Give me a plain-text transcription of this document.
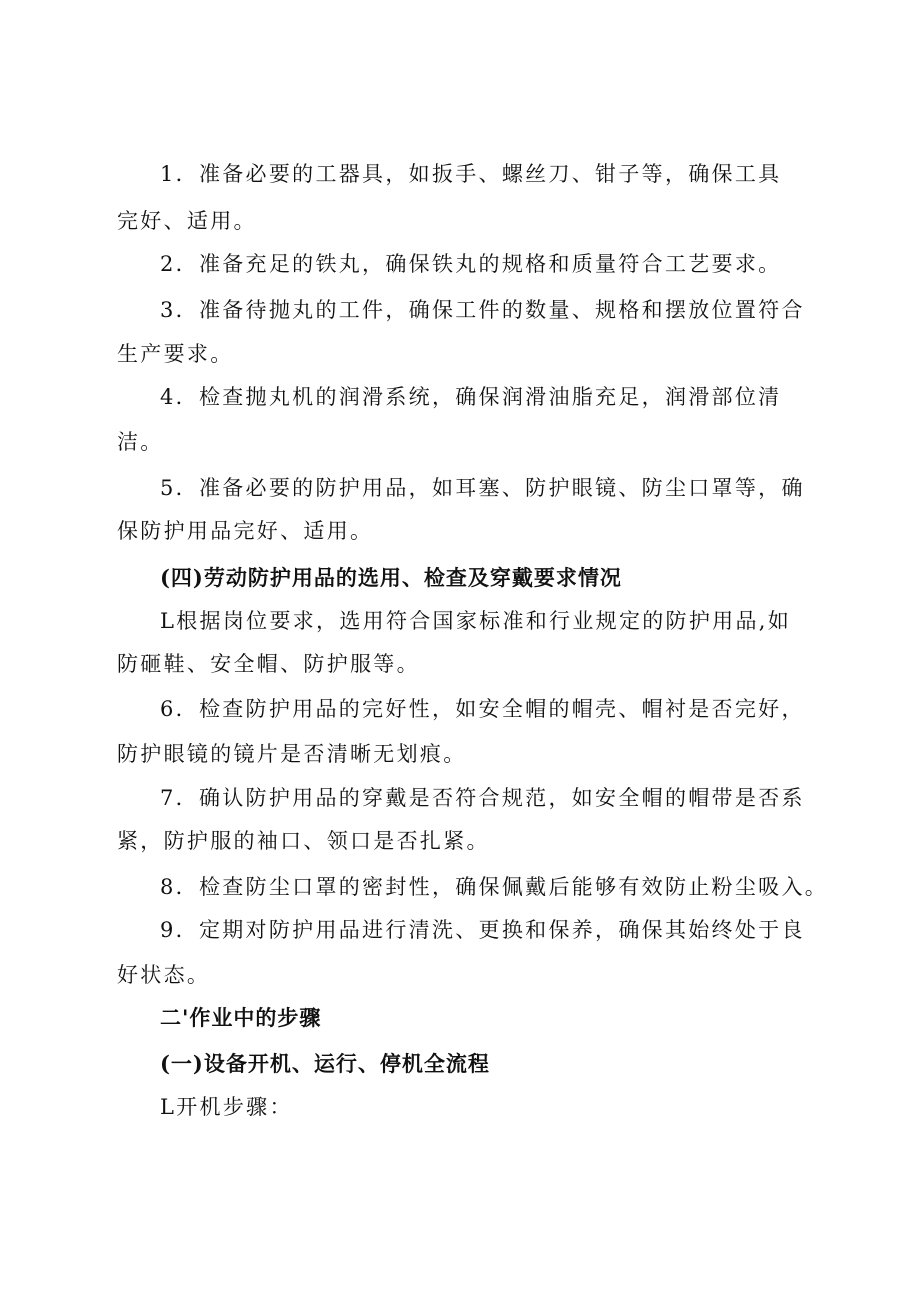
1．准备必要的工器具，如扳手、螺丝刀、钳子等，确保工具
完好、适用。
2．准备充足的铁丸，确保铁丸的规格和质量符合工艺要求。
3．准备待抛丸的工件，确保工件的数量、规格和摆放位置符合
生产要求。
4．检查抛丸机的润滑系统，确保润滑油脂充足，润滑部位清
洁。
5．准备必要的防护用品，如耳塞、防护眼镜、防尘口罩等，确
保防护用品完好、适用。
(四)劳动防护用品的选用、检查及穿戴要求情况
L根据岗位要求，选用符合国家标准和行业规定的防护用品,如
防砸鞋、安全帽、防护服等。
6．检查防护用品的完好性，如安全帽的帽壳、帽衬是否完好，
防护眼镜的镜片是否清晰无划痕。
7．确认防护用品的穿戴是否符合规范，如安全帽的帽带是否系
紧，防护服的袖口、领口是否扎紧。
8．检查防尘口罩的密封性，确保佩戴后能够有效防止粉尘吸入。
9．定期对防护用品进行清洗、更换和保养，确保其始终处于良
好状态。
二'作业中的步骤
(一)设备开机、运行、停机全流程
L开机步骤：
